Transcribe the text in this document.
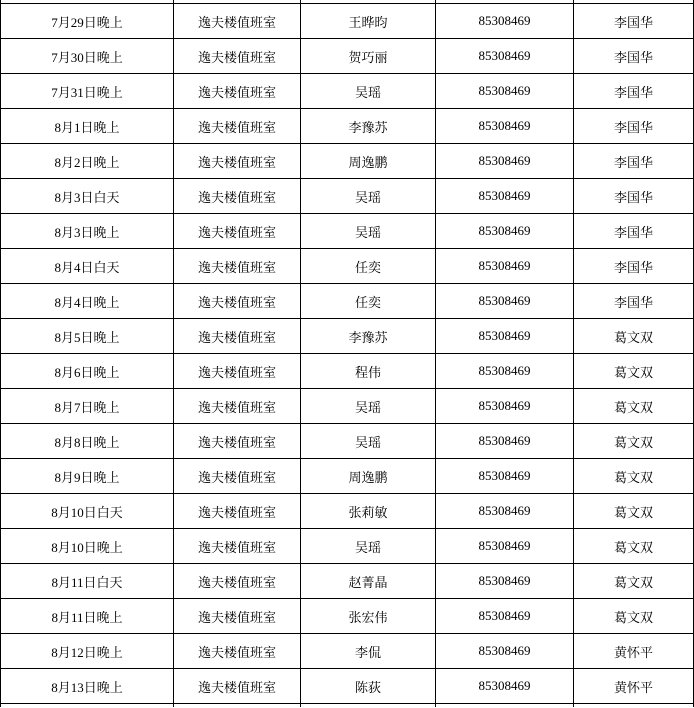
7月29日晚上	逸夫楼值班室	王晔昀	85308469	李国华
7月30日晚上	逸夫楼值班室	贺巧丽	85308469	李国华
7月31日晚上	逸夫楼值班室	吴瑶	85308469	李国华
8月1日晚上	逸夫楼值班室	李豫苏	85308469	李国华
8月2日晚上	逸夫楼值班室	周逸鹏	85308469	李国华
8月3日白天	逸夫楼值班室	吴瑶	85308469	李国华
8月3日晚上	逸夫楼值班室	吴瑶	85308469	李国华
8月4日白天	逸夫楼值班室	任奕	85308469	李国华
8月4日晚上	逸夫楼值班室	任奕	85308469	李国华
8月5日晚上	逸夫楼值班室	李豫苏	85308469	葛文双
8月6日晚上	逸夫楼值班室	程伟	85308469	葛文双
8月7日晚上	逸夫楼值班室	吴瑶	85308469	葛文双
8月8日晚上	逸夫楼值班室	吴瑶	85308469	葛文双
8月9日晚上	逸夫楼值班室	周逸鹏	85308469	葛文双
8月10日白天	逸夫楼值班室	张莉敏	85308469	葛文双
8月10日晚上	逸夫楼值班室	吴瑶	85308469	葛文双
8月11日白天	逸夫楼值班室	赵菁晶	85308469	葛文双
8月11日晚上	逸夫楼值班室	张宏伟	85308469	葛文双
8月12日晚上	逸夫楼值班室	李侃	85308469	黄怀平
8月13日晚上	逸夫楼值班室	陈荻	85308469	黄怀平
